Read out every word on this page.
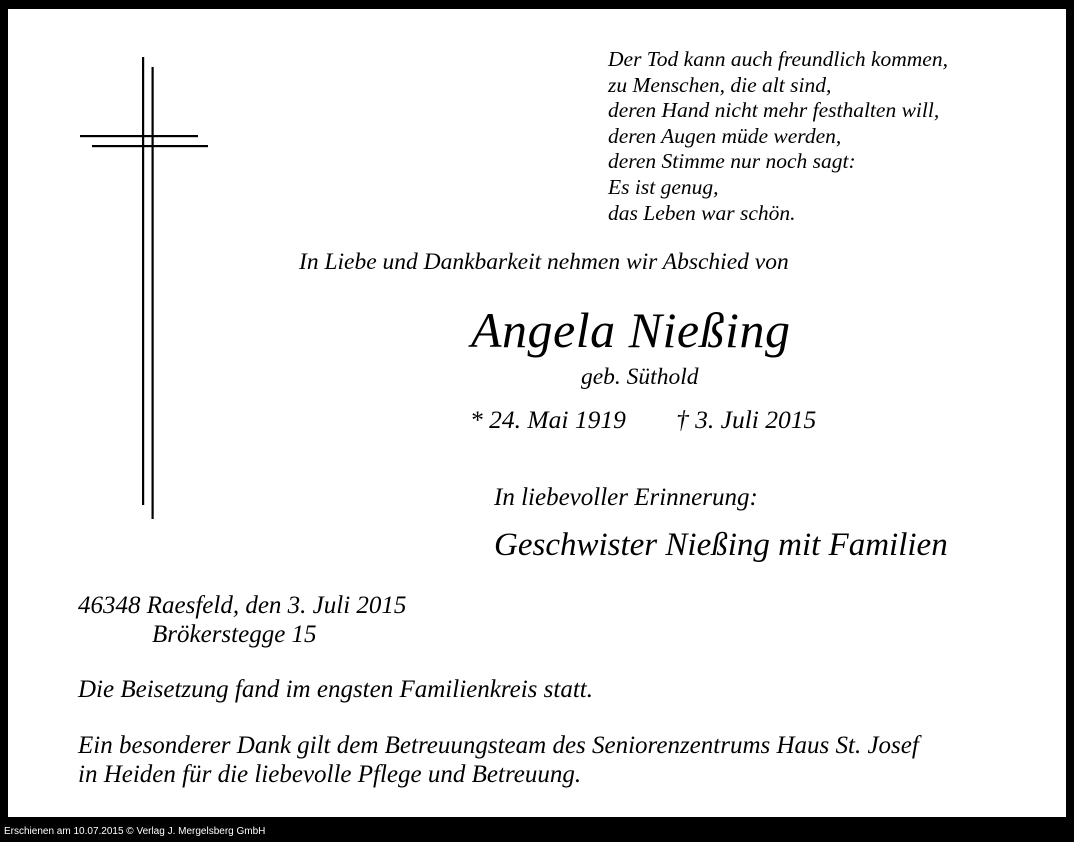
Der Tod kann auch freundlich kommen,
zu Menschen, die alt sind,
deren Hand nicht mehr festhalten will,
deren Augen müde werden,
deren Stimme nur noch sagt:
Es ist genug,
das Leben war schön.
In Liebe und Dankbarkeit nehmen wir Abschied von
Angela Nießing
geb. Süthold
* 24. Mai 1919 † 3. Juli 2015
In liebevoller Erinnerung:
Geschwister Nießing mit Familien
46348 Raesfeld, den 3. Juli 2015
Brökerstegge 15
Die Beisetzung fand im engsten Familienkreis statt.
Ein besonderer Dank gilt dem Betreuungsteam des Seniorenzentrums Haus St. Josef
in Heiden für die liebevolle Pflege und Betreuung.
Erschienen am 10.07.2015 © Verlag J. Mergelsberg GmbH
